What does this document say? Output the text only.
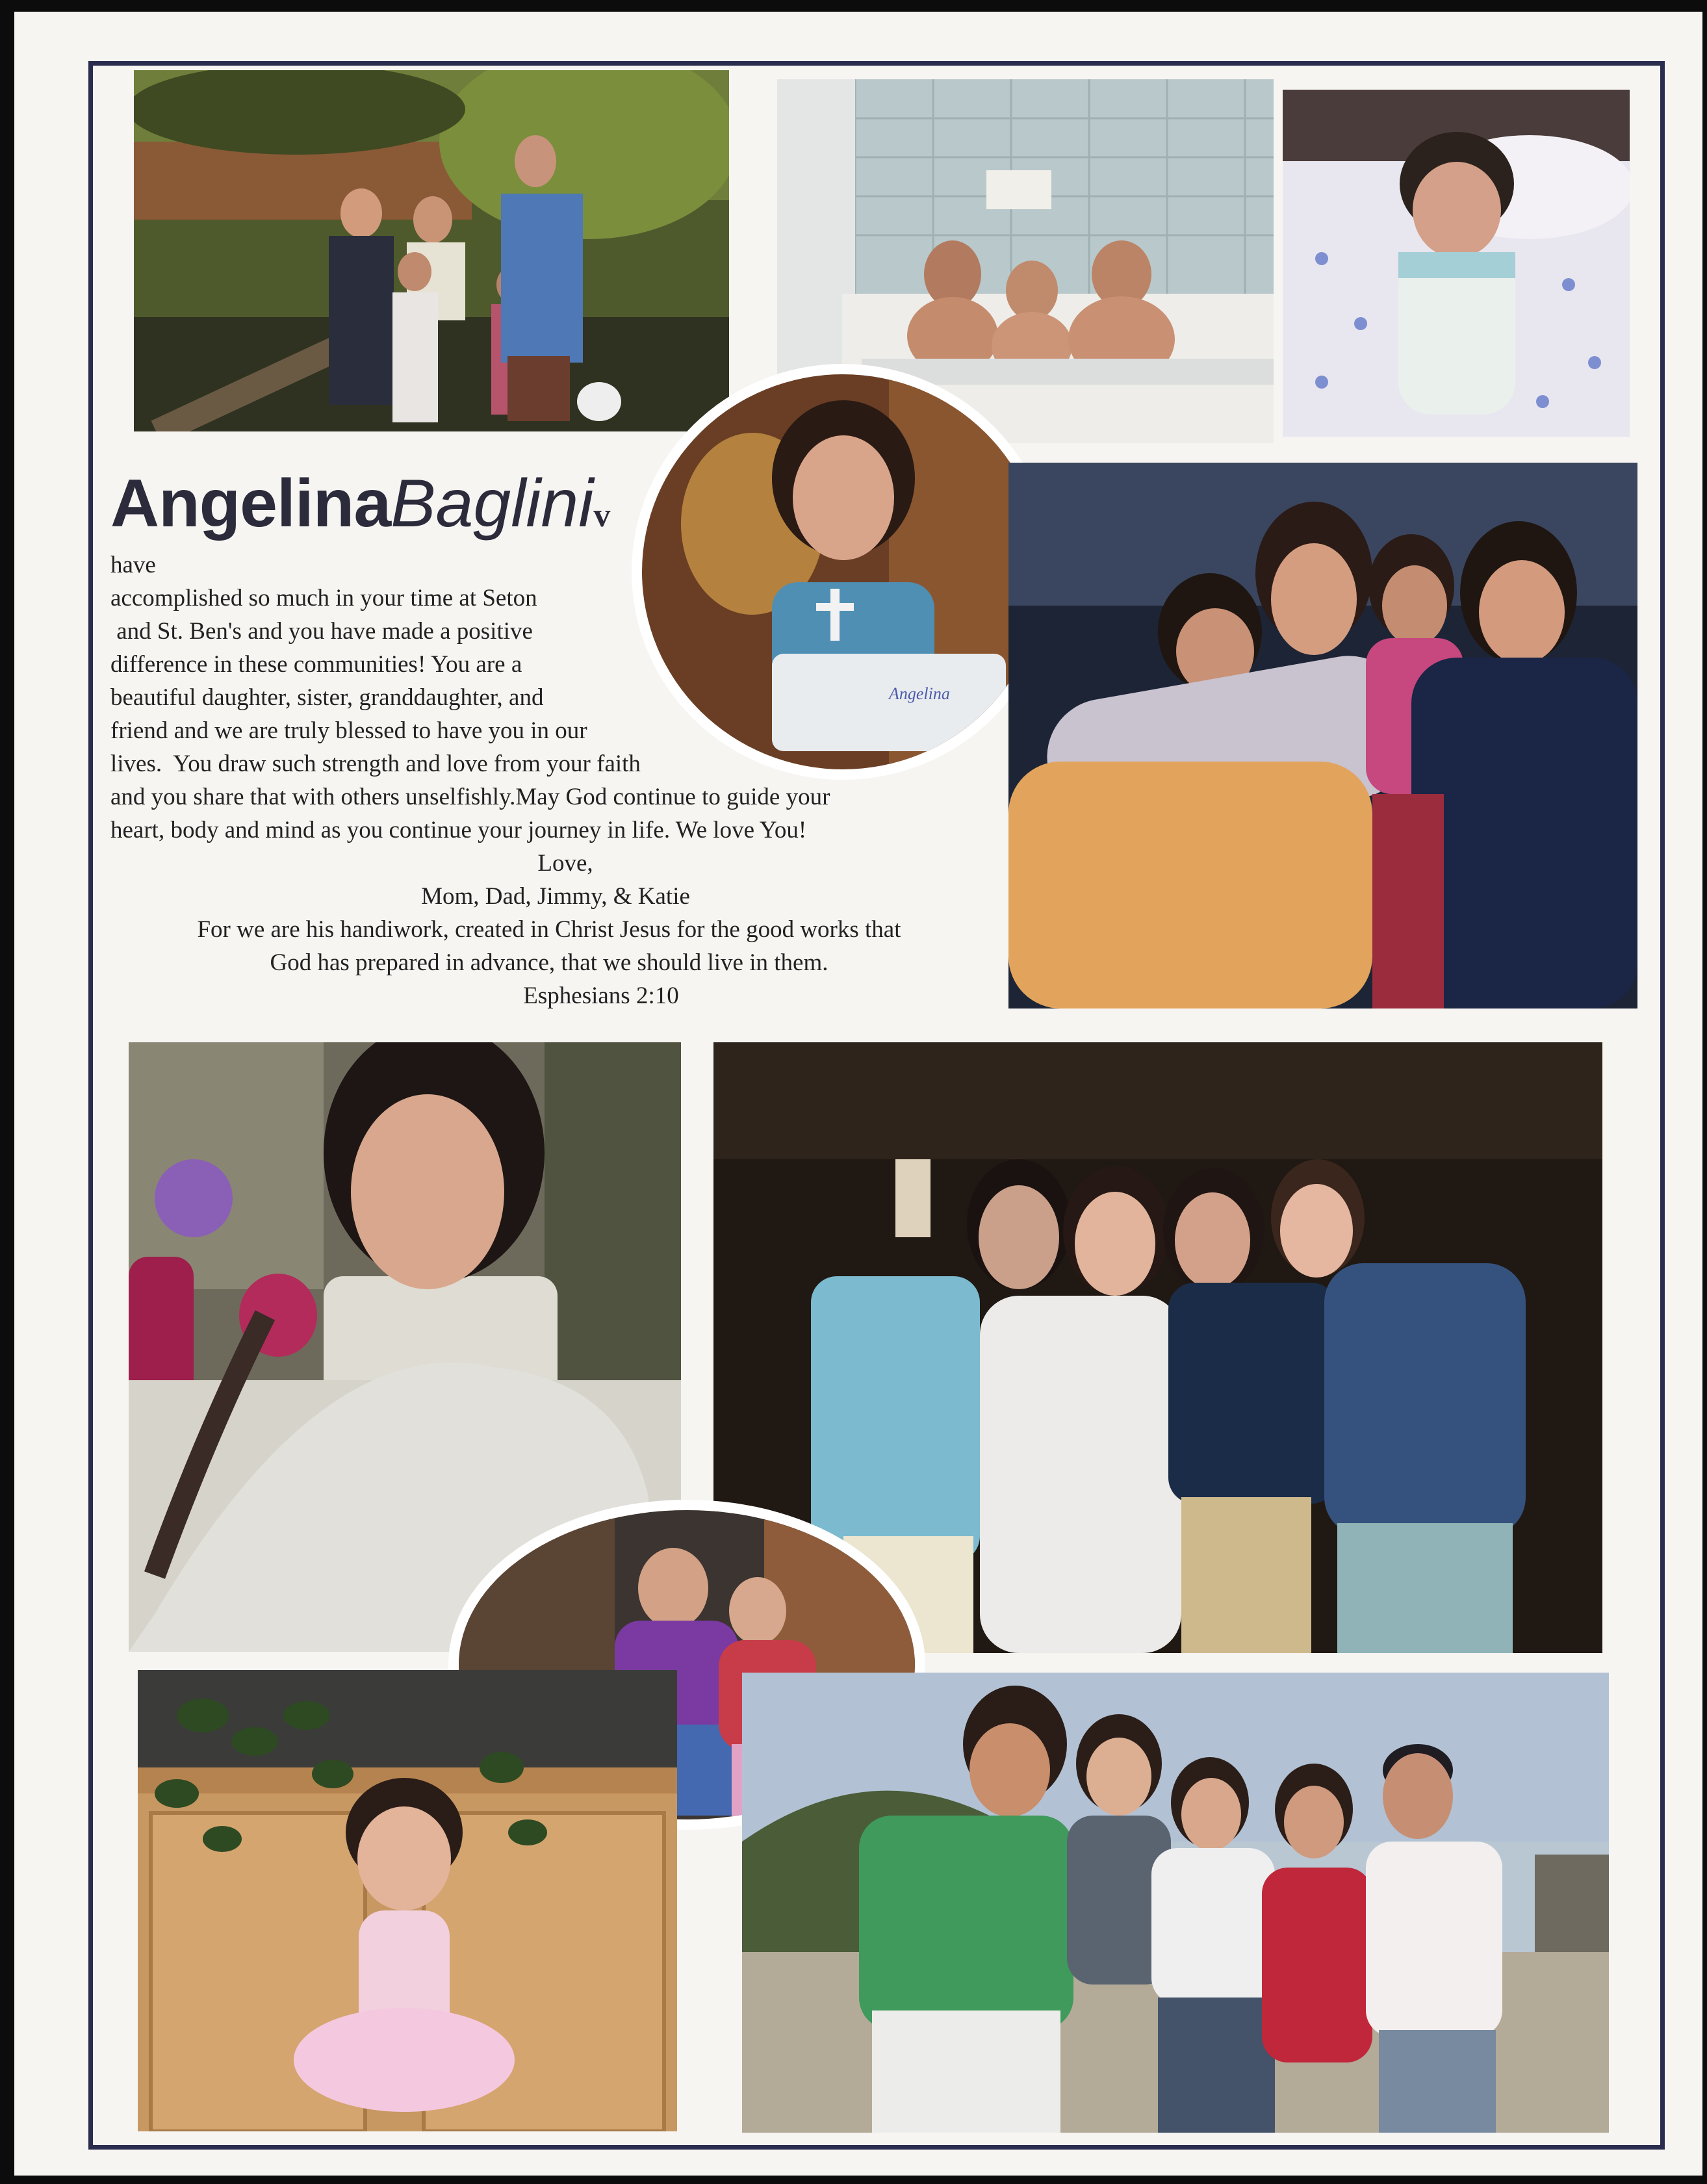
AngelinaBagliniv

have

accomplished so much in your time at Seton

and St. Ben's and you have made a positive

difference in these communities! You are a

beautiful daughter, sister, granddaughter, and

friend and we are truly blessed to have you in our

lives.  You draw such strength and love from your faith

and you share that with others unselfishly.May God continue to guide your

heart, body and mind as you continue your journey in life. We love You!

Love,

Mom, Dad, Jimmy, & Katie

For we are his handiwork, created in Christ Jesus for the good works that

God has prepared in advance, that we should live in them.

Esphesians 2:10

Angelina
